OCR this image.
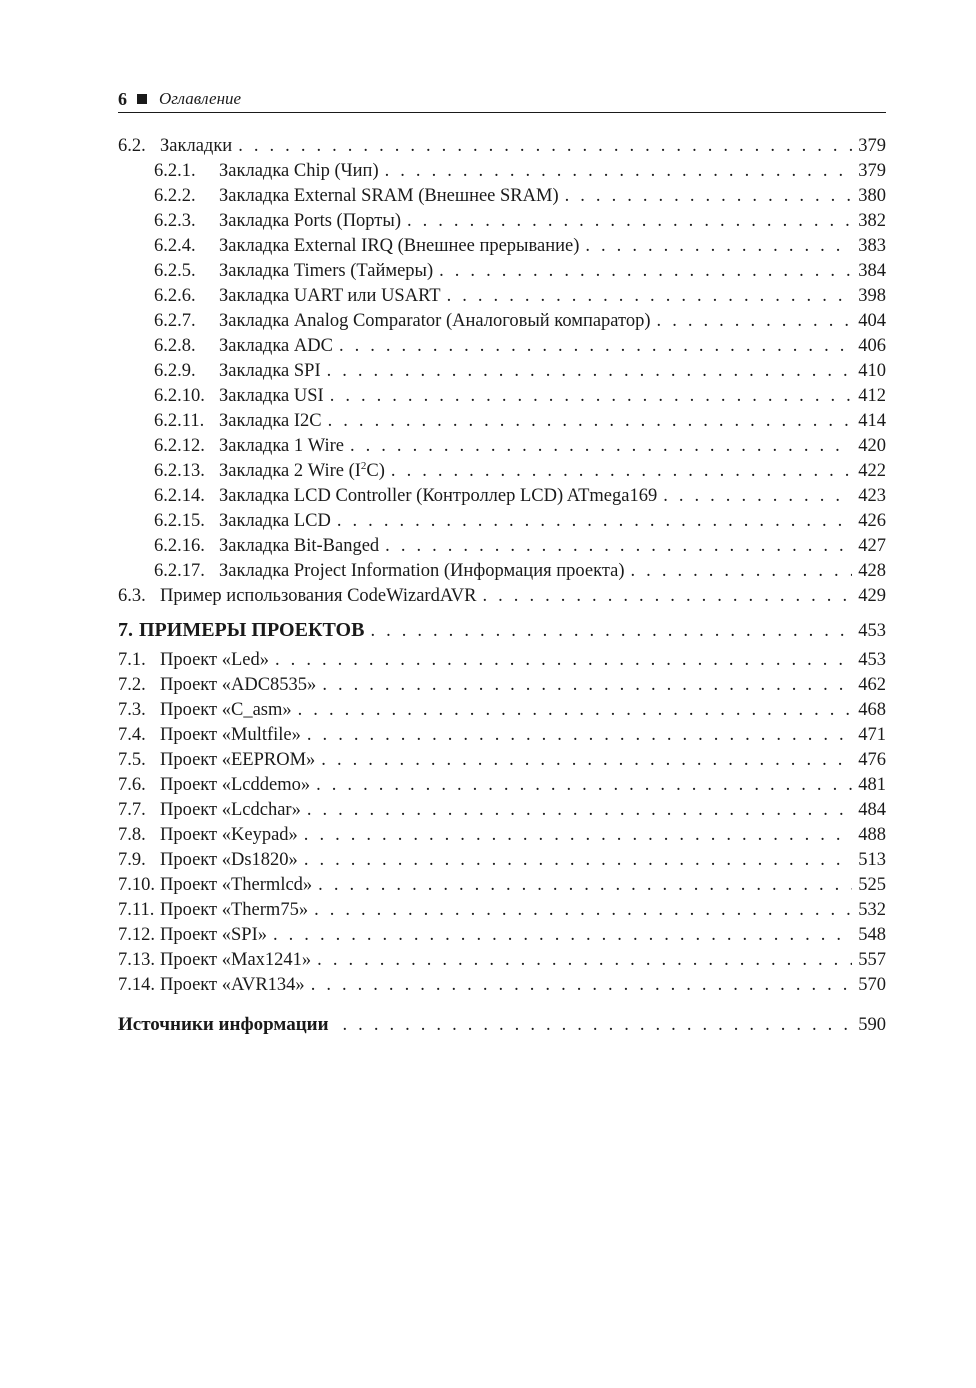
6 Оглавление
6.2. Закладки . . .	379
6.2.1.	Закладка Chip (Чип) . . .	379
6.2.2.	Закладка External SRAM (Внешнее SRAM) . . .	380
6.2.3.	Закладка Ports (Порты) . . .	382
6.2.4.	Закладка External IRQ (Внешнее прерывание) . . .	383
6.2.5.	Закладка Timers (Таймеры) . . .	384
6.2.6.	Закладка UART или USART . . .	398
6.2.7.	Закладка Analog Comparator (Аналоговый компаратор) . . .	404
6.2.8.	Закладка ADC . . .	406
6.2.9.	Закладка SPI . . .	410
6.2.10. Закладка USI . . .	412
6.2.11. Закладка I2C . . .	414
6.2.12. Закладка 1 Wire . . .	420
6.2.13. Закладка 2 Wire $(I^2C)$ . . .	422
6.2.14. Закладка LCD Controller (Контроллер LCD) ATmega169 . . .	423
6.2.15. Закладка LCD . . .	426
6.2.16. Закладка Bit-Banged . . .	427
6.2.17. Закладка Project Information (Информация проекта) . . .	428
6.3. Пример использования CodeWizardAVR . . .	429
7. ПРИМЕРЫ ПРОЕКТОВ . . .	453
7.1. Проект «Led» . . .	453
7.2. Проект «ADC8535» . . .	462
7.3. Проект «C_asm» . . .	468
7.4. Проект «Multfile» . . .	471
7.5. Проект «EEPROM» . . .	476
7.6. Проект «Lcddemo» . . .	481
7.7. Проект «Lcdchar» . . .	484
7.8. Проект «Keypad» . . .	488
7.9. Проект «Ds1820» . . .	513
7.10. Проект «Thermlcd» . . .	525
7.11. Проект «Therm75» . . .	532
7.12. Проект «SPI» . . .	548
7.13. Проект «Max1241» . . .	557
7.14. Проект «AVR134» . . .	570
Источники информации . . .	590
